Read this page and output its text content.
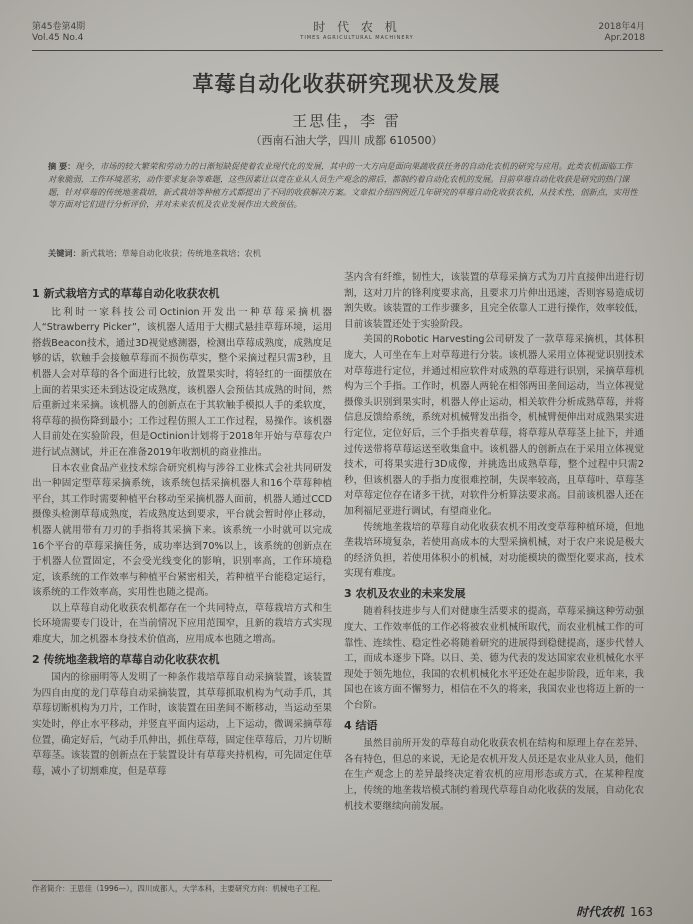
第45卷第4期
Vol.45 No.4
时 代 农 机
TIMES AGRICULTURAL MACHINERY
2018年4月
Apr.2018
草莓自动化收获研究现状及发展
王思佳，李 雷
（西南石油大学，四川 成都 610500）
摘 要：现今，市场的较大繁荣和劳动力的日渐短缺促使着农业现代化的发展，其中的一大方向是面向果蔬收获任务的自动化农机的研究与应用。此类农机面临工作对象脆弱，工作环境恶劣，动作要求复杂等难题，这些因素让以竞在业从人员生产观念的滞后，都制约着自动化农机的发展。目前草莓自动化收获是研究的热门课题，针对草莓的传统地垄栽培，新式栽培等种植方式都提出了不同的收获解决方案。文章拟介绍四例近几年研究的草莓自动化收获农机，从技术性，创新点，实用性等方面对它们进行分析评价，并对未来农机及农业发展作出大致预估。
关键词：新式栽培；草莓自动化收获；传统地垄栽培；农机
1 新式栽培方式的草莓自动化收获农机

比利时一家科技公司Octinion开发出一种草莓采摘机器人“Strawberry Picker”，该机器人适用于大棚式悬挂草莓环境，运用搭载Beacon技术，通过3D视觉感测器，检测出草莓成熟度，成熟度足够的话，软触手会接触草莓而不损伤草实，整个采摘过程只需3秒，且机器人会对草莓的各个面进行比较，放置果实时，将轻红的一面摆放在上面的若果实还未到达设定成熟度，该机器人会预估其成熟的时间，然后重新过来采摘。该机器人的创新点在于其软触手模拟人手的柔软度，将草莓的损伤降到最小；工作过程仿照人工工作过程，易操作。该机器人目前处在实验阶段，但是Octinion计划将于2018年开始与草莓农户进行试点测试，并正在准备2019年收割机的商业推出。

日本农业食品产业技术综合研究机构与涉谷工业株式会社共同研发出一种固定型草莓采摘系统，该系统包括采摘机器人和16个草莓种植平台，其工作时需要种植平台移动至采摘机器人面前，机器人通过CCD摄像头检测草莓成熟度，若成熟度达到要求，平台就会暂时停止移动，机器人就用带有刀刃的手指将其采摘下来。该系统一小时就可以完成16个平台的草莓采摘任务，成功率达到70%以上，该系统的创新点在于机器人位置固定，不会受光线变化的影响，识别率高，工作环境稳定，该系统的工作效率与种植平台紧密相关，若种植平台能稳定运行，该系统的工作效率高，实用性也随之提高。

以上草莓自动化收获农机都存在一个共同特点，草莓栽培方式和生长环境需要专门设计，在当前情况下应用范围窄，且新的栽培方式实现难度大，加之机器本身技术价值高，应用成本也随之增高。

2 传统地垄栽培的草莓自动化收获农机

国内的徐丽明等人发明了一种条作栽培草莓自动采摘装置，该装置为四自由度的龙门草莓自动采摘装置，其草莓抓取机构为气动手爪，其草莓切断机构为刀片，工作时，该装置在田垄间不断移动，当运动至果实处时，停止水平移动，并竖直平面内运动，上下运动，微调采摘草莓位置，确定好后，气动手爪伸出，抓住草莓，固定住草莓后，刀片切断草莓茎。该装置的创新点在于装置设计有草莓夹持机构，可先固定住草莓，减小了切割难度，但是草莓

茎内含有纤维，韧性大，该装置的草莓采摘方式为刀片直接伸出进行切割，这对刀片的锋利度要求高，且要求刀片伸出迅速，否则容易造成切割失败。该装置的工作步骤多，且完全依靠人工进行操作，效率较低，目前该装置还处于实验阶段。

美国的Robotic Harvesting公司研发了一款草莓采摘机，其体积庞大，人可坐在车上对草莓进行分装。该机器人采用立体视觉识别技术对草莓进行定位，并通过相应软件对成熟的草莓进行识别，采摘草莓机构为三个手指。工作时，机器人两轮在相邻两田垄间运动，当立体视觉摄像头识别到果实时，机器人停止运动，相关软件分析成熟草莓，并将信息反馈给系统，系统对机械臂发出指令，机械臂便伸出对成熟果实进行定位，定位好后，三个手指夹着草莓，将草莓从草莓茎上扯下，并通过传送带将草莓运送至收集盒中。该机器人的创新点在于采用立体视觉技术，可将果实进行3D成像，并挑选出成熟草莓，整个过程中只需2秒，但该机器人的手指力度很难控制，失误率较高，且草莓叶、草莓茎对草莓定位存在诸多干扰，对软件分析算法要求高。目前该机器人还在加利福尼亚进行调试，有望商业化。

传统地垄栽培的草莓自动化收获农机不用改变草莓种植环境，但地垄栽培环境复杂，若使用高成本的大型采摘机械，对于农户来说是极大的经济负担，若使用体积小的机械，对功能模块的微型化要求高，技术实现有难度。

3 农机及农业的未来发展

随着科技进步与人们对健康生活要求的提高，草莓采摘这种劳动强度大、工作效率低的工作必将被农业机械所取代，而农业机械工作的可靠性、连续性、稳定性必将随着研究的进展得到稳健提高，逐步代替人工，而成本逐步下降。以日、美、德为代表的发达国家农业机械化水平现处于领先地位，我国的农机机械化水平还处在起步阶段，近年来，我国也在该方面不懈努力，相信在不久的将来，我国农业也将迈上新的一个台阶。

4 结语

虽然目前所开发的草莓自动化收获农机在结构和原理上存在差异、各有特色，但总的来说，无论是农机开发人员还是农业从业人员，他们在生产观念上的差异最终决定着农机的应用形态或方式，在某种程度上，传统的地垄栽培模式制约着现代草莓自动化收获的发展，自动化农机技术要继续向前发展。

作者简介：王思佳（1996—），四川成都人，大学本科，主要研究方向：机械电子工程。
时代农机 163
